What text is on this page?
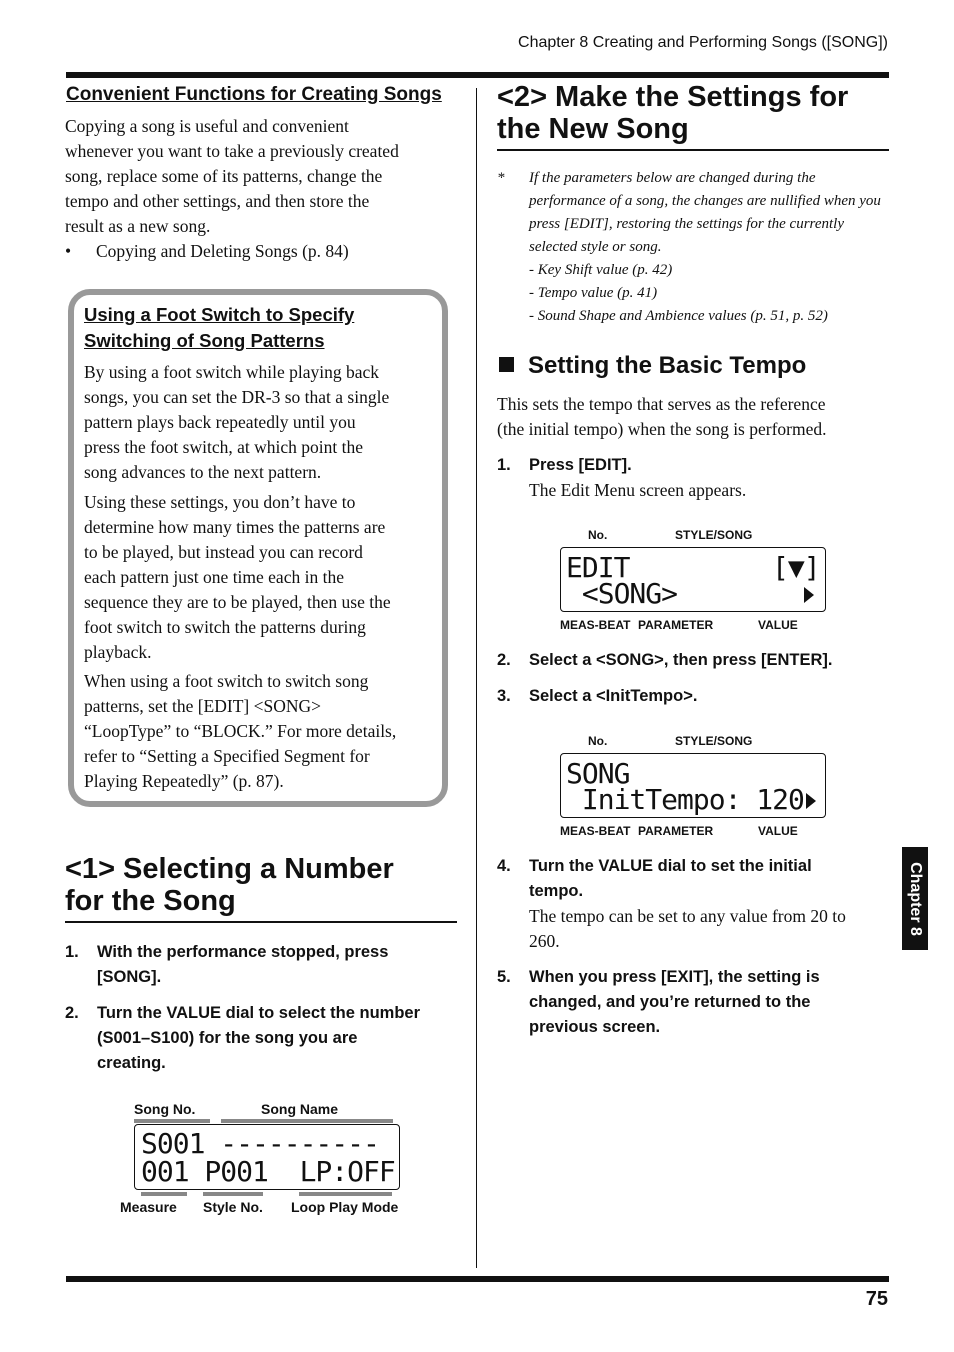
Chapter 8 Creating and Performing Songs ([SONG])
75
Chapter 8
Convenient Functions for Creating Songs

Copying a song is useful and convenient

whenever you want to take a previously created

song, replace some of its patterns, change the

tempo and other settings, and then store the

result as a new song.

• Copying and Deleting Songs (p. 84)

Using a Foot Switch to Specify
Switching of Song Patterns

By using a foot switch while playing back

songs, you can set the DR-3 so that a single

pattern plays back repeatedly until you

press the foot switch, at which point the

song advances to the next pattern.

Using these settings, you don’t have to

determine how many times the patterns are

to be played, but instead you can record

each pattern just one time each in the

sequence they are to be played, then use the

foot switch to switch the patterns during

playback.

When using a foot switch to switch song

patterns, set the [EDIT] <SONG>

“LoopType” to “BLOCK.” For more details,

refer to “Setting a Specified Segment for

Playing Repeatedly” (p. 87).

<1> Selecting a Number
for the Song
1. With the performance stopped, press
[SONG].
2. Turn the VALUE dial to select the number
(S001–S100) for the song you are
creating.
Song No.	Song Name
S001 ----------
001 P001  LP:OFF
Measure Style No. Loop Play Mode
<2> Make the Settings for
the New Song
* If the parameters below are changed during the
performance of a song, the changes are nullified when you
press [EDIT], restoring the settings for the currently
selected style or song.
- Key Shift value (p. 42)
- Tempo value (p. 41)
- Sound Shape and Ambience values (p. 51, p. 52)
Setting the Basic Tempo

This sets the tempo that serves as the reference

(the initial tempo) when the song is performed.

1. Press [EDIT].
The Edit Menu screen appears.
No.	STYLE/SONG
EDIT	[▼]
<SONG>
MEAS-BEAT PARAMETER	VALUE
2. Select a <SONG>, then press [ENTER].
3. Select a <InitTempo>.
No.	STYLE/SONG
SONG
InitTempo: 120
MEAS-BEAT PARAMETER	VALUE
4. Turn the VALUE dial to set the initial
tempo.
The tempo can be set to any value from 20 to
260.
5. When you press [EXIT], the setting is
changed, and you’re returned to the
previous screen.
